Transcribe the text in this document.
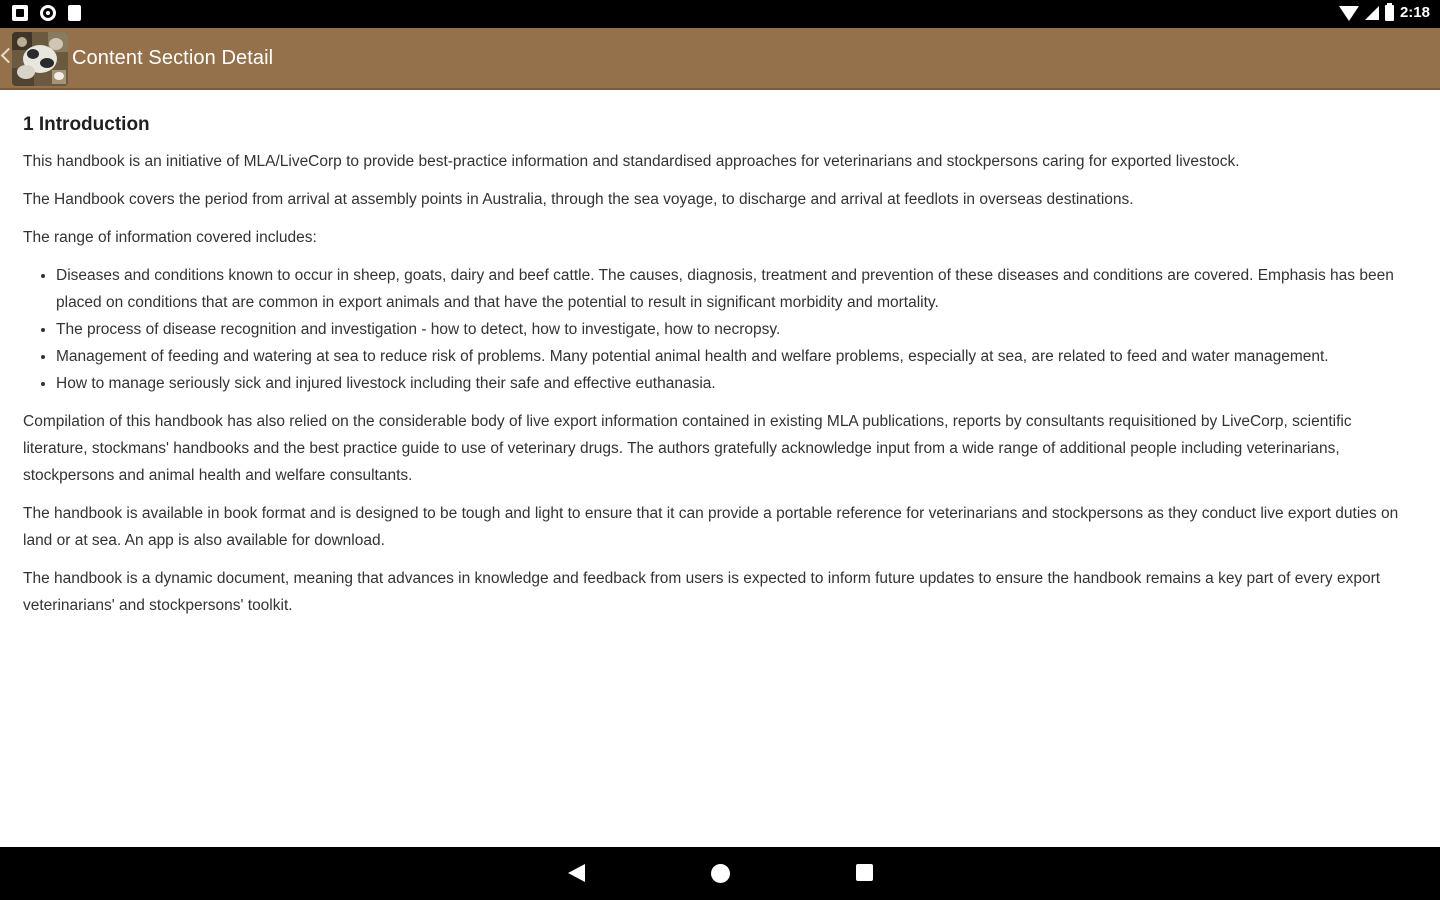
2:18
Content Section Detail
1 Introduction

This handbook is an initiative of MLA/LiveCorp to provide best-practice information and standardised approaches for veterinarians and stockpersons caring for exported livestock.

The Handbook covers the period from arrival at assembly points in Australia, through the sea voyage, to discharge and arrival at feedlots in overseas destinations.

The range of information covered includes:

• Diseases and conditions known to occur in sheep, goats, dairy and beef cattle. The causes, diagnosis, treatment and prevention of these diseases and conditions are covered. Emphasis has been placed on conditions that are common in export animals and that have the potential to result in significant morbidity and mortality.
• The process of disease recognition and investigation - how to detect, how to investigate, how to necropsy.
• Management of feeding and watering at sea to reduce risk of problems. Many potential animal health and welfare problems, especially at sea, are related to feed and water management.
• How to manage seriously sick and injured livestock including their safe and effective euthanasia.

Compilation of this handbook has also relied on the considerable body of live export information contained in existing MLA publications, reports by consultants requisitioned by LiveCorp, scientific literature, stockmans' handbooks and the best practice guide to use of veterinary drugs. The authors gratefully acknowledge input from a wide range of additional people including veterinarians, stockpersons and animal health and welfare consultants.

The handbook is available in book format and is designed to be tough and light to ensure that it can provide a portable reference for veterinarians and stockpersons as they conduct live export duties on land or at sea. An app is also available for download.

The handbook is a dynamic document, meaning that advances in knowledge and feedback from users is expected to inform future updates to ensure the handbook remains a key part of every export veterinarians' and stockpersons' toolkit.
